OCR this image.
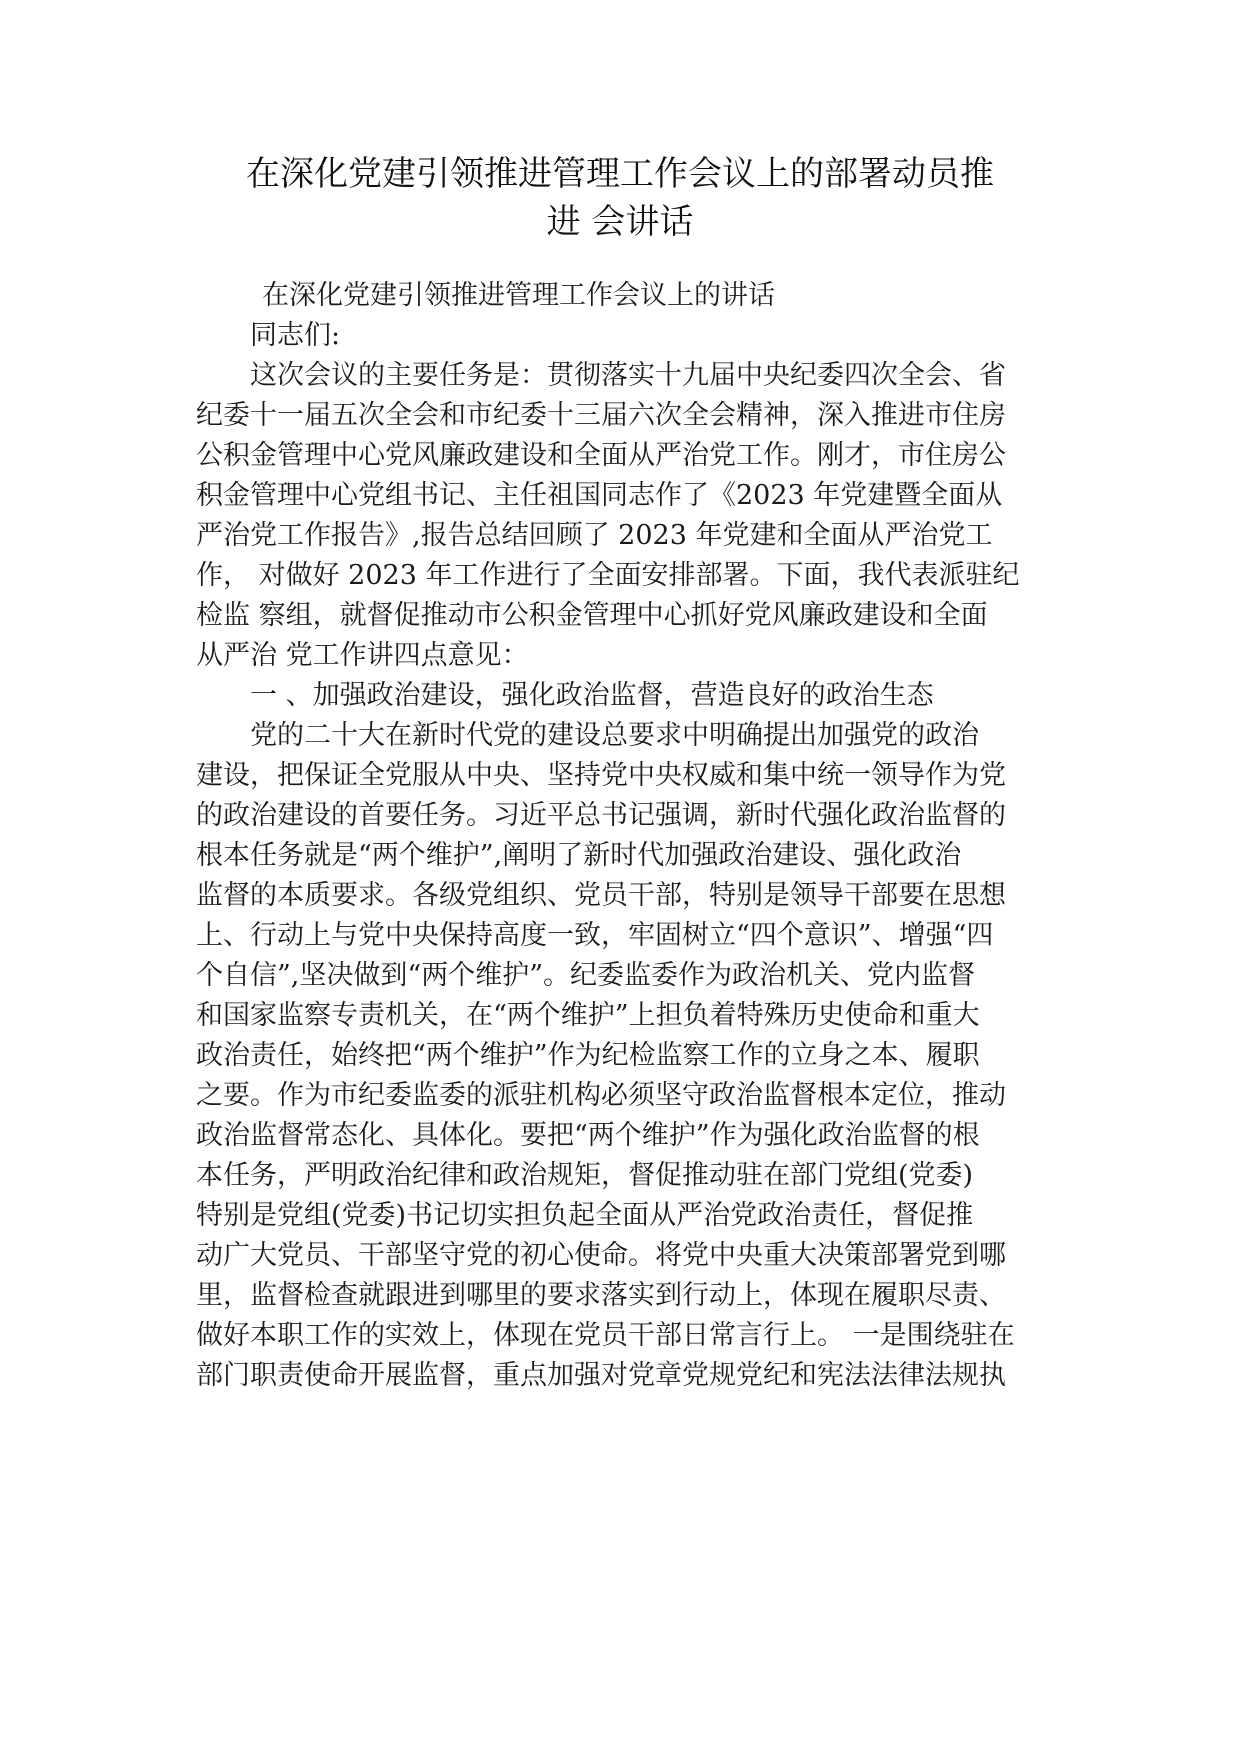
在深化党建引领推进管理工作会议上的部署动员推
进 会讲话

在深化党建引领推进管理工作会议上的讲话

同志们:

这次会议的主要任务是：贯彻落实十九届中央纪委四次全会、省
纪委十一届五次全会和市纪委十三届六次全会精神，深入推进市住房
公积金管理中心党风廉政建设和全面从严治党工作。刚才，市住房公
积金管理中心党组书记、主任祖国同志作了《2023 年党建暨全面从
严治党工作报告》,报告总结回顾了 2023 年党建和全面从严治党工
作， 对做好 2023 年工作进行了全面安排部署。下面，我代表派驻纪
检监 察组，就督促推动市公积金管理中心抓好党风廉政建设和全面
从严治 党工作讲四点意见：

一 、加强政治建设，强化政治监督，营造良好的政治生态

党的二十大在新时代党的建设总要求中明确提出加强党的政治
建设，把保证全党服从中央、坚持党中央权威和集中统一领导作为党
的政治建设的首要任务。习近平总书记强调，新时代强化政治监督的
根本任务就是“两个维护”,阐明了新时代加强政治建设、强化政治
监督的本质要求。各级党组织、党员干部，特别是领导干部要在思想
上、行动上与党中央保持高度一致，牢固树立“四个意识”、增强“四
个自信”,坚决做到“两个维护”。纪委监委作为政治机关、党内监督
和国家监察专责机关，在“两个维护”上担负着特殊历史使命和重大
政治责任，始终把“两个维护”作为纪检监察工作的立身之本、履职
之要。作为市纪委监委的派驻机构必须坚守政治监督根本定位，推动
政治监督常态化、具体化。要把“两个维护”作为强化政治监督的根
本任务，严明政治纪律和政治规矩，督促推动驻在部门党组(党委)
特别是党组(党委)书记切实担负起全面从严治党政治责任，督促推
动广大党员、干部坚守党的初心使命。将党中央重大决策部署党到哪
里，监督检查就跟进到哪里的要求落实到行动上，体现在履职尽责、
做好本职工作的实效上，体现在党员干部日常言行上。 一是围绕驻在
部门职责使命开展监督，重点加强对党章党规党纪和宪法法律法规执
